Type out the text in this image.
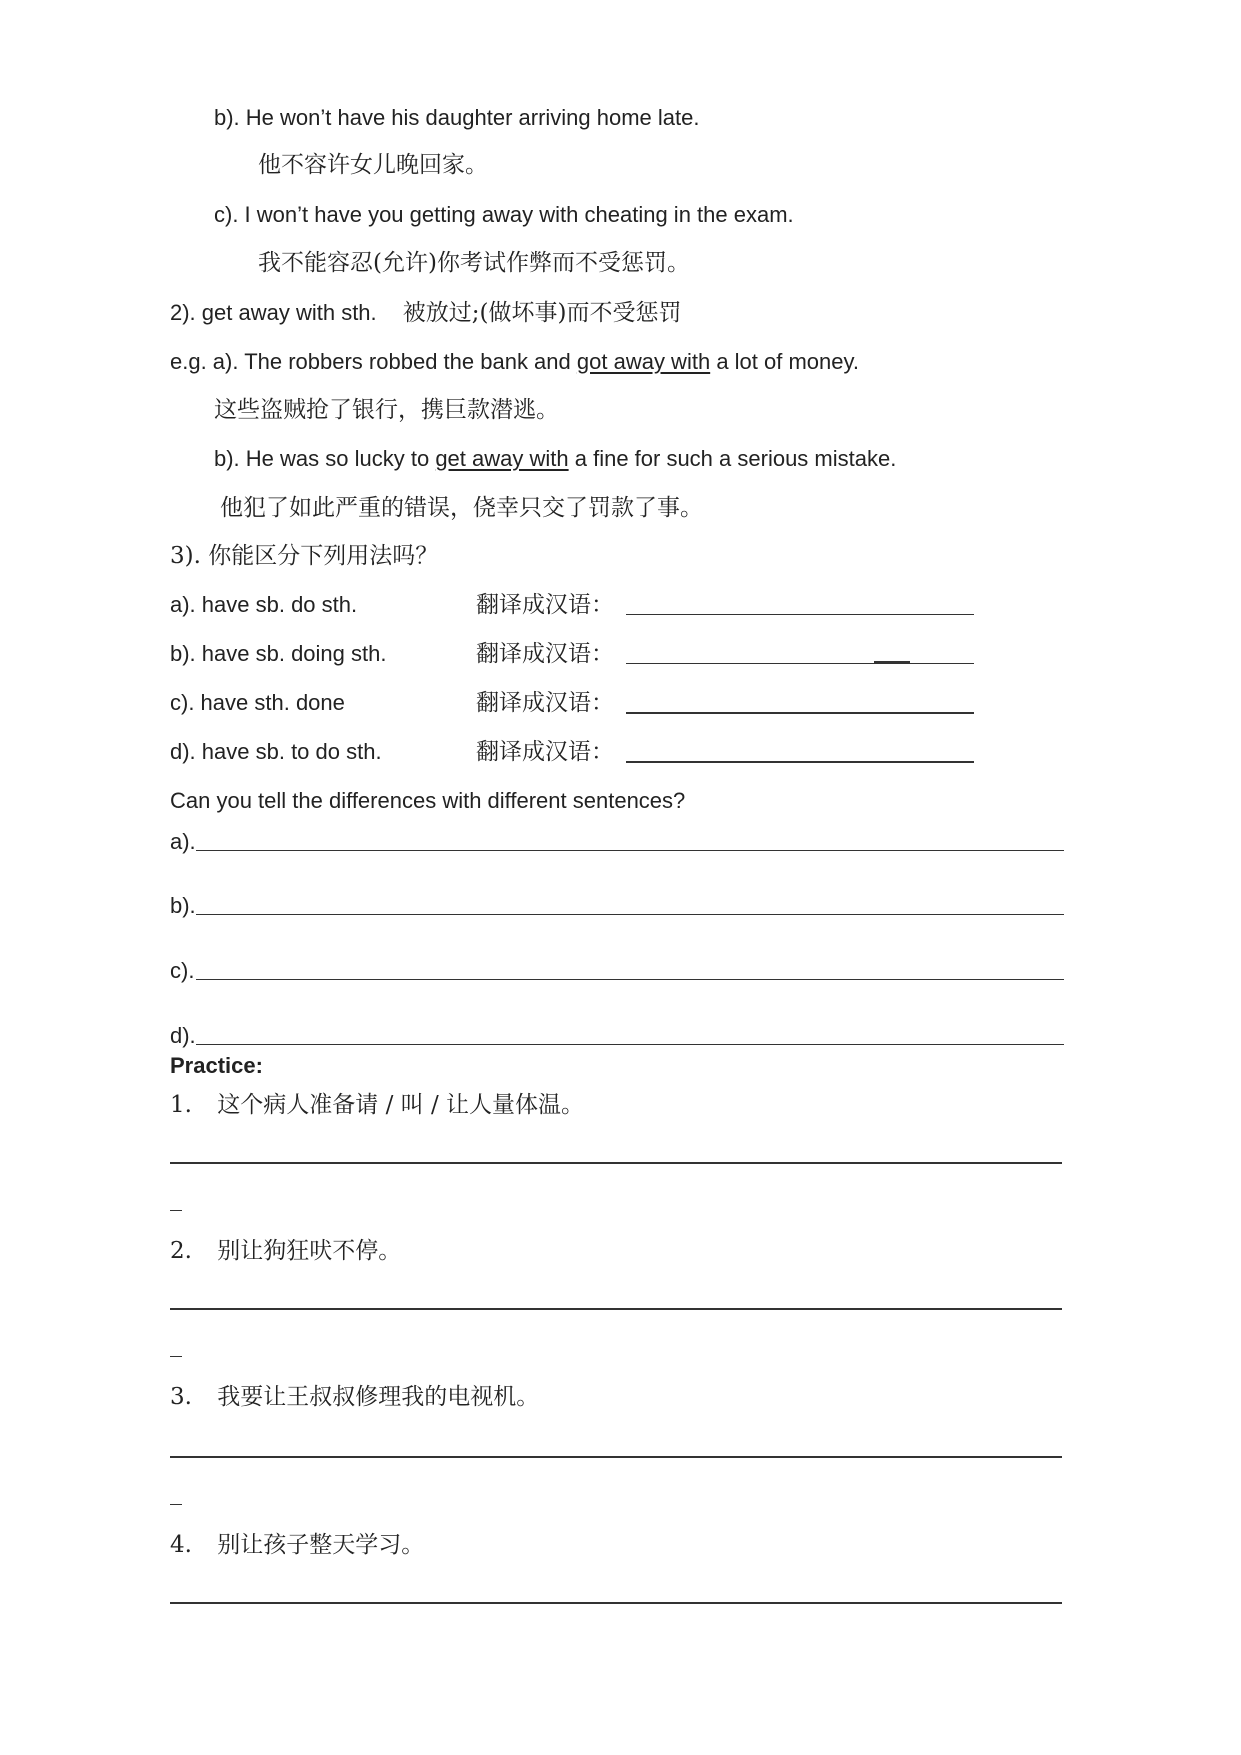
b). He won’t have his daughter arriving home late.
他不容许女儿晚回家。
c). I won’t have you getting away with cheating in the exam.
我不能容忍(允许)你考试作弊而不受惩罚。
2). get away with sth. 被放过;(做坏事)而不受惩罚
e.g. a). The robbers robbed the bank and got away with a lot of money.
这些盗贼抢了银行，携巨款潜逃。
b). He was so lucky to get away with a fine for such a serious mistake.
他犯了如此严重的错误，侥幸只交了罚款了事。
3). 你能区分下列用法吗？
a). have sb. do sth.	翻译成汉语：
b). have sb. doing sth.	翻译成汉语：
c). have sth. done	翻译成汉语：
d). have sb. to do sth.	翻译成汉语：
Can you tell the differences with different sentences?
a).
b).
c).
d).
Practice:
1. 这个病人准备请 / 叫 / 让人量体温。
2. 别让狗狂吠不停。
3. 我要让王叔叔修理我的电视机。
4. 别让孩子整天学习。
